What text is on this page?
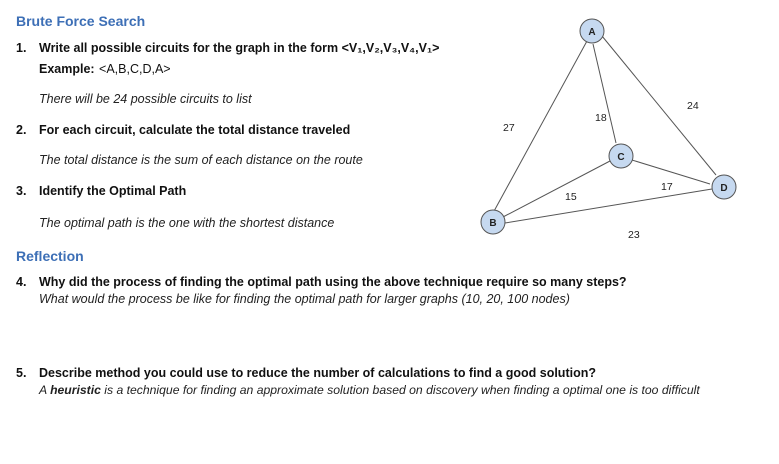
Brute Force Search
1. Write all possible circuits for the graph in the form <V₁,V₂,V₃,V₄,V₁>
Example: <A,B,C,D,A>
There will be 24 possible circuits to list
2. For each circuit, calculate the total distance traveled
The total distance is the sum of each distance on the route
3. Identify the Optimal Path
The optimal path is the one with the shortest distance
Reflection
4. Why did the process of finding the optimal path using the above technique require so many steps?
What would the process be like for finding the optimal path for larger graphs (10, 20, 100 nodes)
5. Describe method you could use to reduce the number of calculations to find a good solution?
A heuristic is a technique for finding an approximate solution based on discovery when finding a optimal one is too difficult
27
18
24
15
17
23
A
B
C
D
